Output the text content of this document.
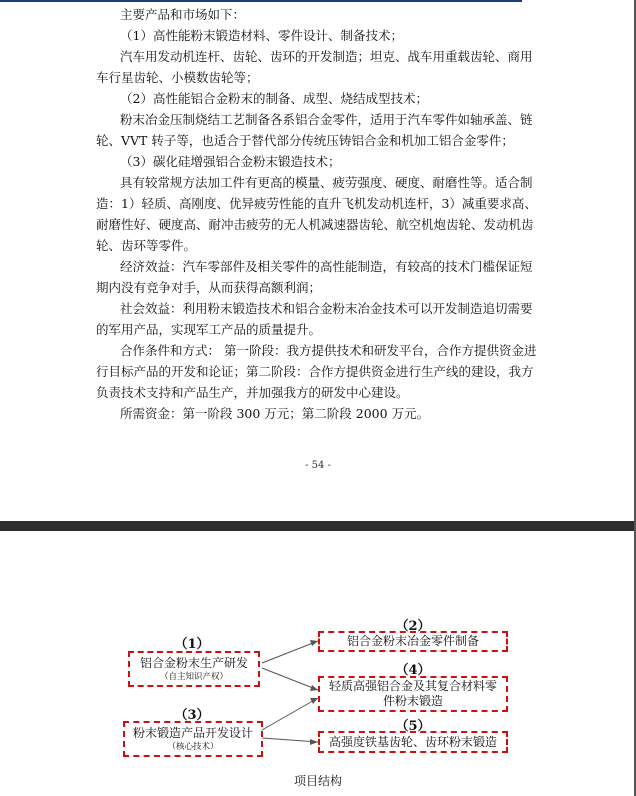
主要产品和市场如下：

（1）高性能粉末锻造材料、零件设计、制备技术；

汽车用发动机连杆、齿轮、齿环的开发制造；坦克、战车用重载齿轮、商用车行星齿轮、小模数齿轮等；

（2）高性能铝合金粉末的制备、成型、烧结成型技术；

粉末冶金压制烧结工艺制备各系铝合金零件，适用于汽车零件如轴承盖、链轮、VVT 转子等，也适合于替代部分传统压铸铝合金和机加工铝合金零件；

（3）碳化硅增强铝合金粉末锻造技术；

具有较常规方法加工件有更高的模量、疲劳强度、硬度、耐磨性等。适合制造：1）轻质、高刚度、优异疲劳性能的直升飞机发动机连杆，3）减重要求高、耐磨性好、硬度高、耐冲击疲劳的无人机减速器齿轮、航空机炮齿轮、发动机齿轮、齿环等零件。

经济效益：汽车零部件及相关零件的高性能制造，有较高的技术门槛保证短期内没有竞争对手，从而获得高额利润；

社会效益：利用粉末锻造技术和铝合金粉末冶金技术可以开发制造追切需要的军用产品，实现军工产品的质量提升。

合作条件和方式： 第一阶段：我方提供技术和研发平台，合作方提供资金进行目标产品的开发和论证；第二阶段：合作方提供资金进行生产线的建设，我方负责技术支持和产品生产，并加强我方的研发中心建设。

所需资金：第一阶段 300 万元；第二阶段 2000 万元。

- 54 -
（1）
铝合金粉末生产研发
（自主知识产权）
（3）
粉末锻造产品开发设计
（核心技术）
（2）
铝合金粉末冶金零件制备
（4）
轻质高强铝合金及其复合材料零件粉末锻造
（5）
高强度铁基齿轮、齿环粉末锻造
项目结构
